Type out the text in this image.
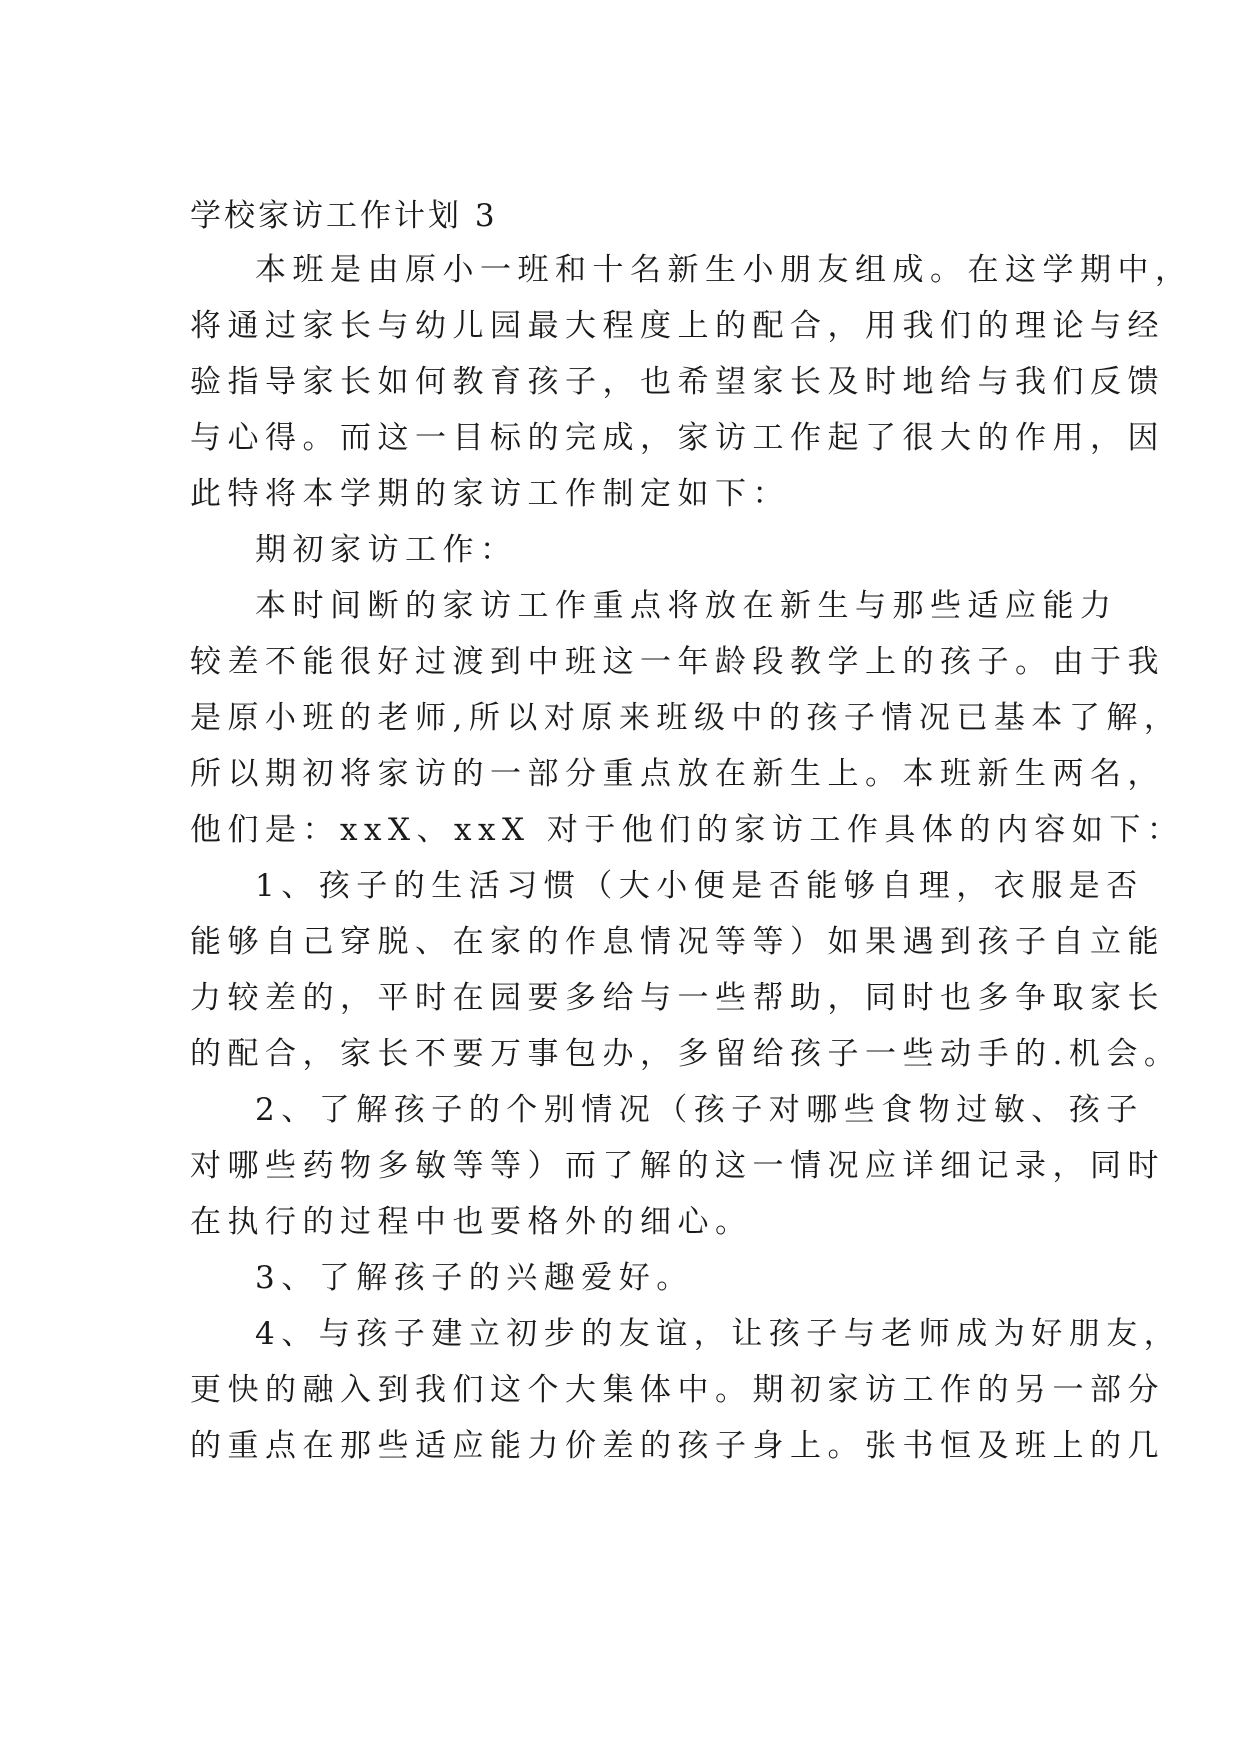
学校家访工作计划 3
本班是由原小一班和十名新生小朋友组成。在这学期中，
将通过家长与幼儿园最大程度上的配合，用我们的理论与经
验指导家长如何教育孩子，也希望家长及时地给与我们反馈
与心得。而这一目标的完成，家访工作起了很大的作用，因
此特将本学期的家访工作制定如下：
期初家访工作：
本时间断的家访工作重点将放在新生与那些适应能力
较差不能很好过渡到中班这一年龄段教学上的孩子。由于我
是原小班的老师,所以对原来班级中的孩子情况已基本了解，
所以期初将家访的一部分重点放在新生上。本班新生两名，
他们是：xxX、xxX 对于他们的家访工作具体的内容如下：
1、孩子的生活习惯（大小便是否能够自理，衣服是否
能够自己穿脱、在家的作息情况等等）如果遇到孩子自立能
力较差的，平时在园要多给与一些帮助，同时也多争取家长
的配合，家长不要万事包办，多留给孩子一些动手的.机会。
2、了解孩子的个别情况（孩子对哪些食物过敏、孩子
对哪些药物多敏等等）而了解的这一情况应详细记录，同时
在执行的过程中也要格外的细心。
3、了解孩子的兴趣爱好。
4、与孩子建立初步的友谊，让孩子与老师成为好朋友，
更快的融入到我们这个大集体中。期初家访工作的另一部分
的重点在那些适应能力价差的孩子身上。张书恒及班上的几
